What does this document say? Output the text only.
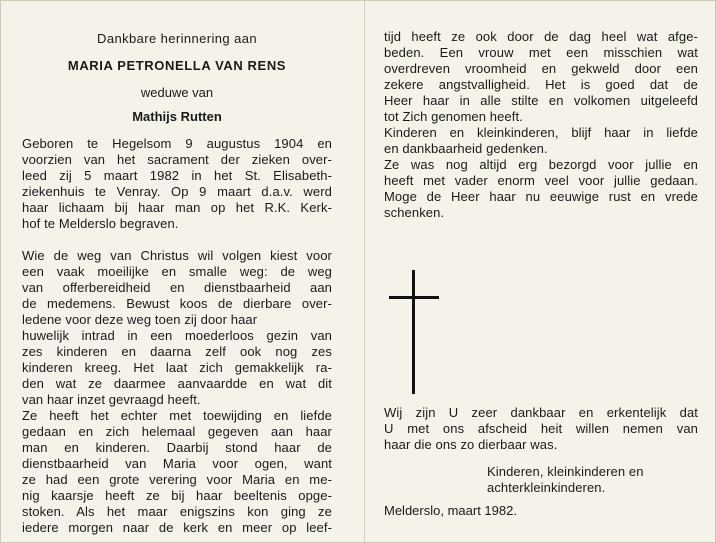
Dankbare herinnering aan
MARIA PETRONELLA VAN RENS
weduwe van
Mathijs Rutten
Geboren te Hegelsom 9 augustus 1904 en
voorzien van het sacrament der zieken over-
leed zij 5 maart 1982 in het St. Elisabeth-
ziekenhuis te Venray. Op 9 maart d.a.v. werd
haar lichaam bij haar man op het R.K. Kerk-
hof te Melderslo begraven.
Wie de weg van Christus wil volgen kiest voor
een vaak moeilijke en smalle weg: de weg
van offerbereidheid en dienstbaarheid aan
de medemens. Bewust koos de dierbare over-
ledene voor deze weg toen zij door haar
huwelijk intrad in een moederloos gezin van
zes kinderen en daarna zelf ook nog zes
kinderen kreeg. Het laat zich gemakkelijk ra-
den wat ze daarmee aanvaardde en wat dit
van haar inzet gevraagd heeft.
Ze heeft het echter met toewijding en liefde
gedaan en zich helemaal gegeven aan haar
man en kinderen. Daarbij stond haar de
dienstbaarheid van Maria voor ogen, want
ze had een grote verering voor Maria en me-
nig kaarsje heeft ze bij haar beeltenis opge-
stoken. Als het maar enigszins kon ging ze
iedere morgen naar de kerk en meer op leef-
tijd heeft ze ook door de dag heel wat afge-
beden. Een vrouw met een misschien wat
overdreven vroomheid en gekweld door een
zekere angstvalligheid. Het is goed dat de
Heer haar in alle stilte en volkomen uitgeleefd
tot Zich genomen heeft.
Kinderen en kleinkinderen, blijf haar in liefde
en dankbaarheid gedenken.
Ze was nog altijd erg bezorgd voor jullie en
heeft met vader enorm veel voor jullie gedaan.
Moge de Heer haar nu eeuwige rust en vrede
schenken.
Wij zijn U zeer dankbaar en erkentelijk dat
U met ons afscheid heit willen nemen van
haar die ons zo dierbaar was.
Kinderen, kleinkinderen en
achterkleinkinderen.
Melderslo, maart 1982.
